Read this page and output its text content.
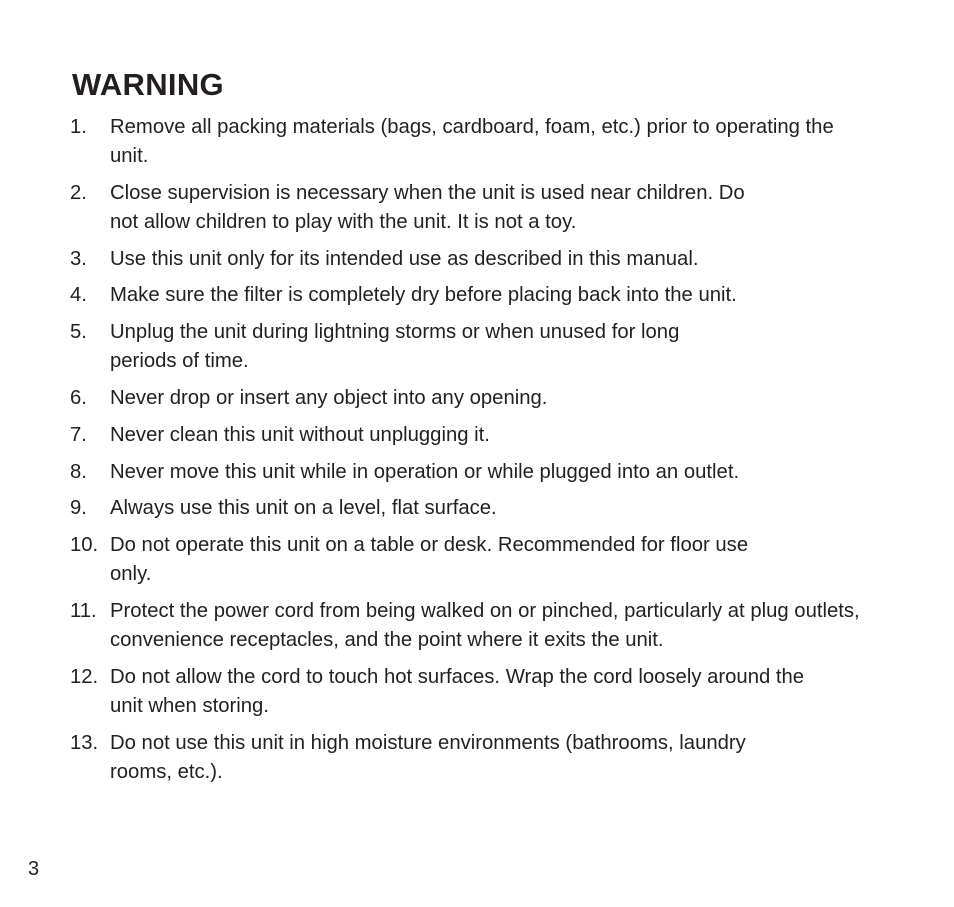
WARNING
1.	Remove all packing materials (bags, cardboard, foam, etc.) prior to operating the unit.
2.	Close supervision is necessary when the unit is used near children. Do not allow children to play with the unit. It is not a toy.
3.	Use this unit only for its intended use as described in this manual.
4.	Make sure the filter is completely dry before placing back into the unit.
5.	Unplug the unit during lightning storms or when unused for long periods of time.
6.	Never drop or insert any object into any opening.
7.	Never clean this unit without unplugging it.
8.	Never move this unit while in operation or while plugged into an outlet.
9.	Always use this unit on a level, flat surface.
10. Do not operate this unit on a table or desk. Recommended for floor use only.
11. Protect the power cord from being walked on or pinched, particularly at plug outlets, convenience receptacles, and the point where it exits the unit.
12. Do not allow the cord to touch hot surfaces. Wrap the cord loosely around the unit when storing.
13. Do not use this unit in high moisture environments (bathrooms, laundry rooms, etc.).
3
